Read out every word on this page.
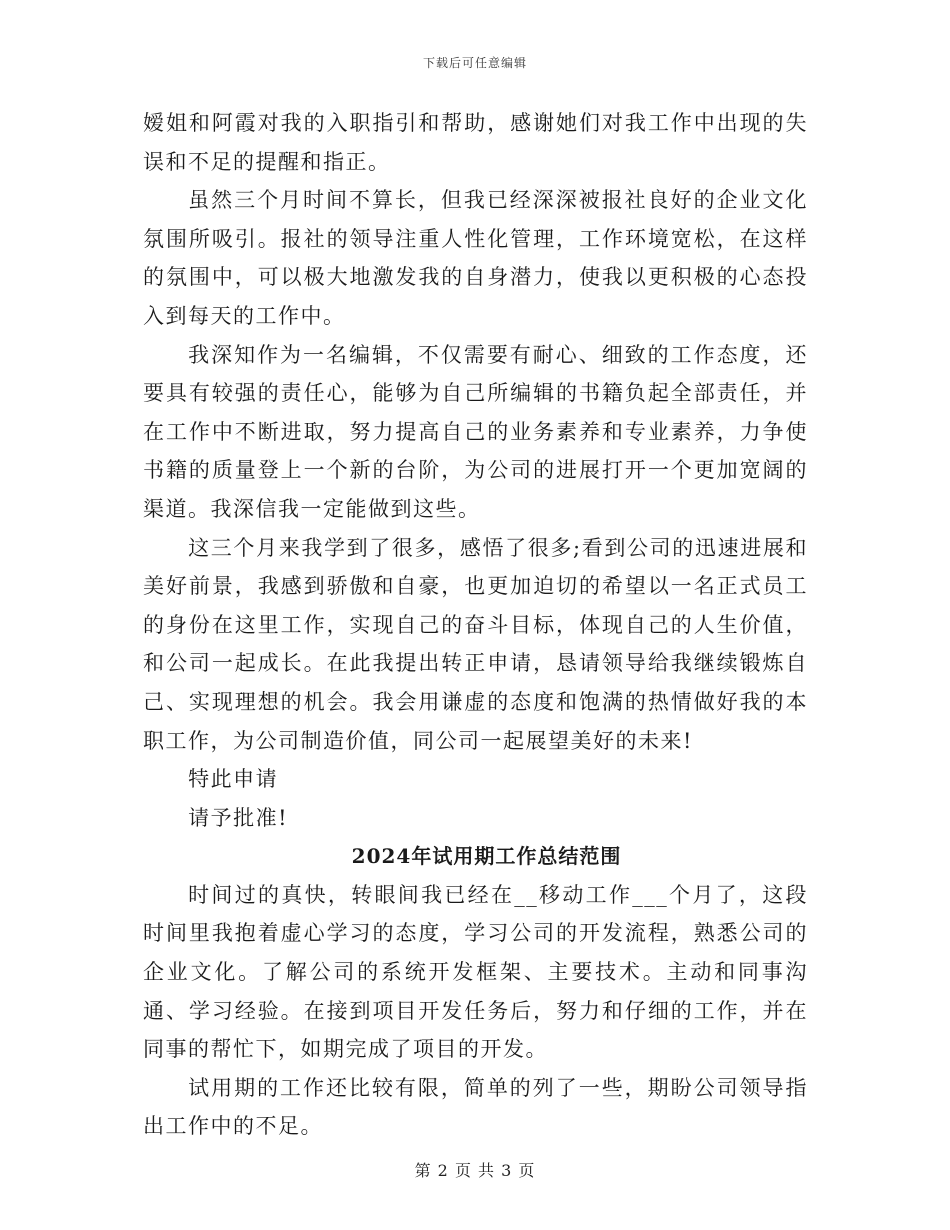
下载后可任意编辑

嫒姐和阿霞对我的入职指引和帮助，感谢她们对我工作中出现的失误和不足的提醒和指正。

虽然三个月时间不算长，但我已经深深被报社良好的企业文化氛围所吸引。报社的领导注重人性化管理，工作环境宽松，在这样的氛围中，可以极大地激发我的自身潜力，使我以更积极的心态投入到每天的工作中。

我深知作为一名编辑，不仅需要有耐心、细致的工作态度，还要具有较强的责任心，能够为自己所编辑的书籍负起全部责任，并在工作中不断进取，努力提高自己的业务素养和专业素养，力争使书籍的质量登上一个新的台阶，为公司的进展打开一个更加宽阔的渠道。我深信我一定能做到这些。

这三个月来我学到了很多，感悟了很多;看到公司的迅速进展和美好前景，我感到骄傲和自豪，也更加迫切的希望以一名正式员工的身份在这里工作，实现自己的奋斗目标，体现自己的人生价值，和公司一起成长。在此我提出转正申请，恳请领导给我继续锻炼自己、实现理想的机会。我会用谦虚的态度和饱满的热情做好我的本职工作，为公司制造价值，同公司一起展望美好的未来!

特此申请

请予批准!

2024年试用期工作总结范围

时间过的真快，转眼间我已经在__移动工作___个月了，这段时间里我抱着虚心学习的态度，学习公司的开发流程，熟悉公司的企业文化。了解公司的系统开发框架、主要技术。主动和同事沟通、学习经验。在接到项目开发任务后，努力和仔细的工作，并在同事的帮忙下，如期完成了项目的开发。

试用期的工作还比较有限，简单的列了一些，期盼公司领导指出工作中的不足。

第 2 页 共 3 页
